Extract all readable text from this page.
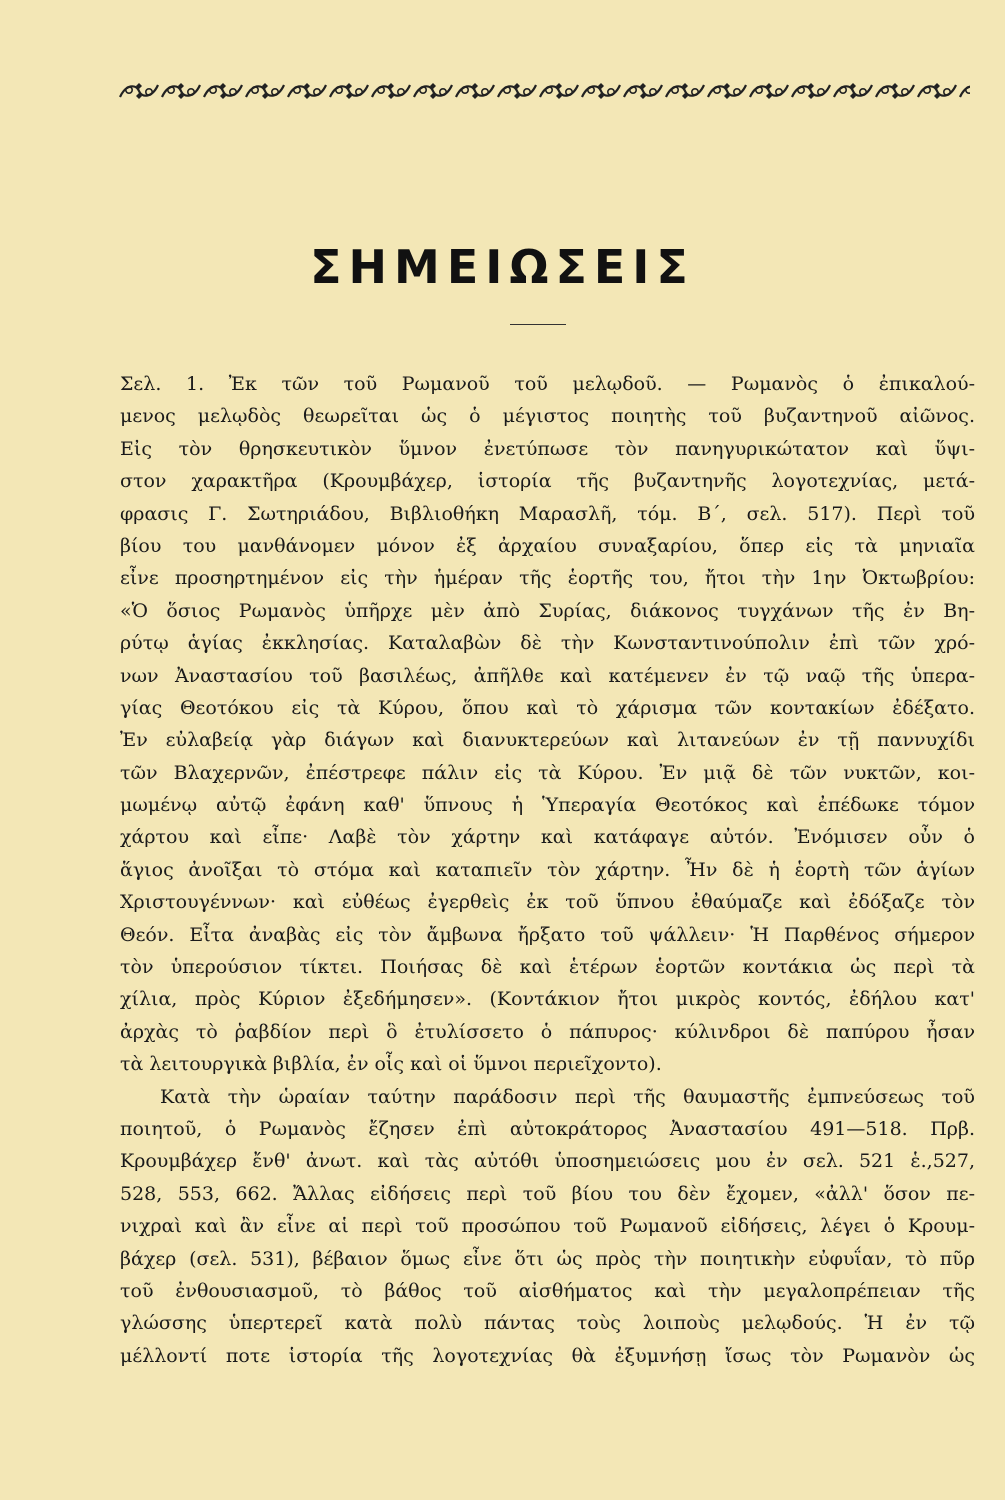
ΣΗΜΕΙΩΣΕΙΣ
Σελ. 1. Ἐκ τῶν τοῦ Ρωμανοῦ τοῦ μελῳδοῦ. — Ρωμανὸς ὁ ἐπικαλού-
μενος μελῳδὸς θεωρεῖται ὡς ὁ μέγιστος ποιητὴς τοῦ βυζαντηνοῦ αἰῶνος.
Εἰς τὸν θρησκευτικὸν ὕμνον ἐνετύπωσε τὸν πανηγυρικώτατον καὶ ὕψι-
στον χαρακτῆρα (Κρουμβάχερ, ἱστορία τῆς βυζαντηνῆς λογοτεχνίας, μετά-
φρασις Γ. Σωτηριάδου, Βιβλιοθήκη Μαρασλῆ, τόμ. Β΄, σελ. 517). Περὶ τοῦ
βίου του μανθάνομεν μόνον ἐξ ἀρχαίου συναξαρίου, ὅπερ εἰς τὰ μηνιαῖα
εἶνε προσηρτημένον εἰς τὴν ἡμέραν τῆς ἑορτῆς του, ἤτοι τὴν 1ην Ὀκτωβρίου:
«Ὁ ὅσιος Ρωμανὸς ὑπῆρχε μὲν ἀπὸ Συρίας, διάκονος τυγχάνων τῆς ἐν Βη-
ρύτῳ ἁγίας ἐκκλησίας. Καταλαβὼν δὲ τὴν Κωνσταντινούπολιν ἐπὶ τῶν χρό-
νων Ἀναστασίου τοῦ βασιλέως, ἀπῆλθε καὶ κατέμενεν ἐν τῷ ναῷ τῆς ὑπερα-
γίας Θεοτόκου εἰς τὰ Κύρου, ὅπου καὶ τὸ χάρισμα τῶν κοντακίων ἐδέξατο.
Ἐν εὐλαβείᾳ γὰρ διάγων καὶ διανυκτερεύων καὶ λιτανεύων ἐν τῇ παννυχίδι
τῶν Βλαχερνῶν, ἐπέστρεφε πάλιν εἰς τὰ Κύρου. Ἐν μιᾷ δὲ τῶν νυκτῶν, κοι-
μωμένῳ αὐτῷ ἐφάνη καθ' ὕπνους ἡ Ὑπεραγία Θεοτόκος καὶ ἐπέδωκε τόμον
χάρτου καὶ εἶπε· Λαβὲ τὸν χάρτην καὶ κατάφαγε αὐτόν. Ἐνόμισεν οὖν ὁ
ἅγιος ἀνοῖξαι τὸ στόμα καὶ καταπιεῖν τὸν χάρτην. Ἦν δὲ ἡ ἑορτὴ τῶν ἁγίων
Χριστουγέννων· καὶ εὐθέως ἐγερθεὶς ἐκ τοῦ ὕπνου ἐθαύμαζε καὶ ἐδόξαζε τὸν
Θεόν. Εἶτα ἀναβὰς εἰς τὸν ἄμβωνα ἤρξατο τοῦ ψάλλειν· Ἡ Παρθένος σήμερον
τὸν ὑπερούσιον τίκτει. Ποιήσας δὲ καὶ ἑτέρων ἑορτῶν κοντάκια ὡς περὶ τὰ
χίλια, πρὸς Κύριον ἐξεδήμησεν». (Κοντάκιον ἤτοι μικρὸς κοντός, ἐδήλου κατ'
ἀρχὰς τὸ ῥαβδίον περὶ ὃ ἐτυλίσσετο ὁ πάπυρος· κύλινδροι δὲ παπύρου ἦσαν
τὰ λειτουργικὰ βιβλία, ἐν οἷς καὶ οἱ ὕμνοι περιεῖχοντο).
Κατὰ τὴν ὡραίαν ταύτην παράδοσιν περὶ τῆς θαυμαστῆς ἐμπνεύσεως τοῦ
ποιητοῦ, ὁ Ρωμανὸς ἔζησεν ἐπὶ αὐτοκράτορος Ἀναστασίου 491—518. Πρβ.
Κρουμβάχερ ἔνθ' ἀνωτ. καὶ τὰς αὐτόθι ὑποσημειώσεις μου ἐν σελ. 521 ἑ.,527,
528, 553, 662. Ἄλλας εἰδήσεις περὶ τοῦ βίου του δὲν ἔχομεν, «ἀλλ' ὅσον πε-
νιχραὶ καὶ ἂν εἶνε αἱ περὶ τοῦ προσώπου τοῦ Ρωμανοῦ εἰδήσεις, λέγει ὁ Κρουμ-
βάχερ (σελ. 531), βέβαιον ὅμως εἶνε ὅτι ὡς πρὸς τὴν ποιητικὴν εὐφυΐαν, τὸ πῦρ
τοῦ ἐνθουσιασμοῦ, τὸ βάθος τοῦ αἰσθήματος καὶ τὴν μεγαλοπρέπειαν τῆς
γλώσσης ὑπερτερεῖ κατὰ πολὺ πάντας τοὺς λοιποὺς μελῳδούς. Ἡ ἐν τῷ
μέλλοντί ποτε ἱστορία τῆς λογοτεχνίας θὰ ἐξυμνήσῃ ἴσως τὸν Ρωμανὸν ὡς
